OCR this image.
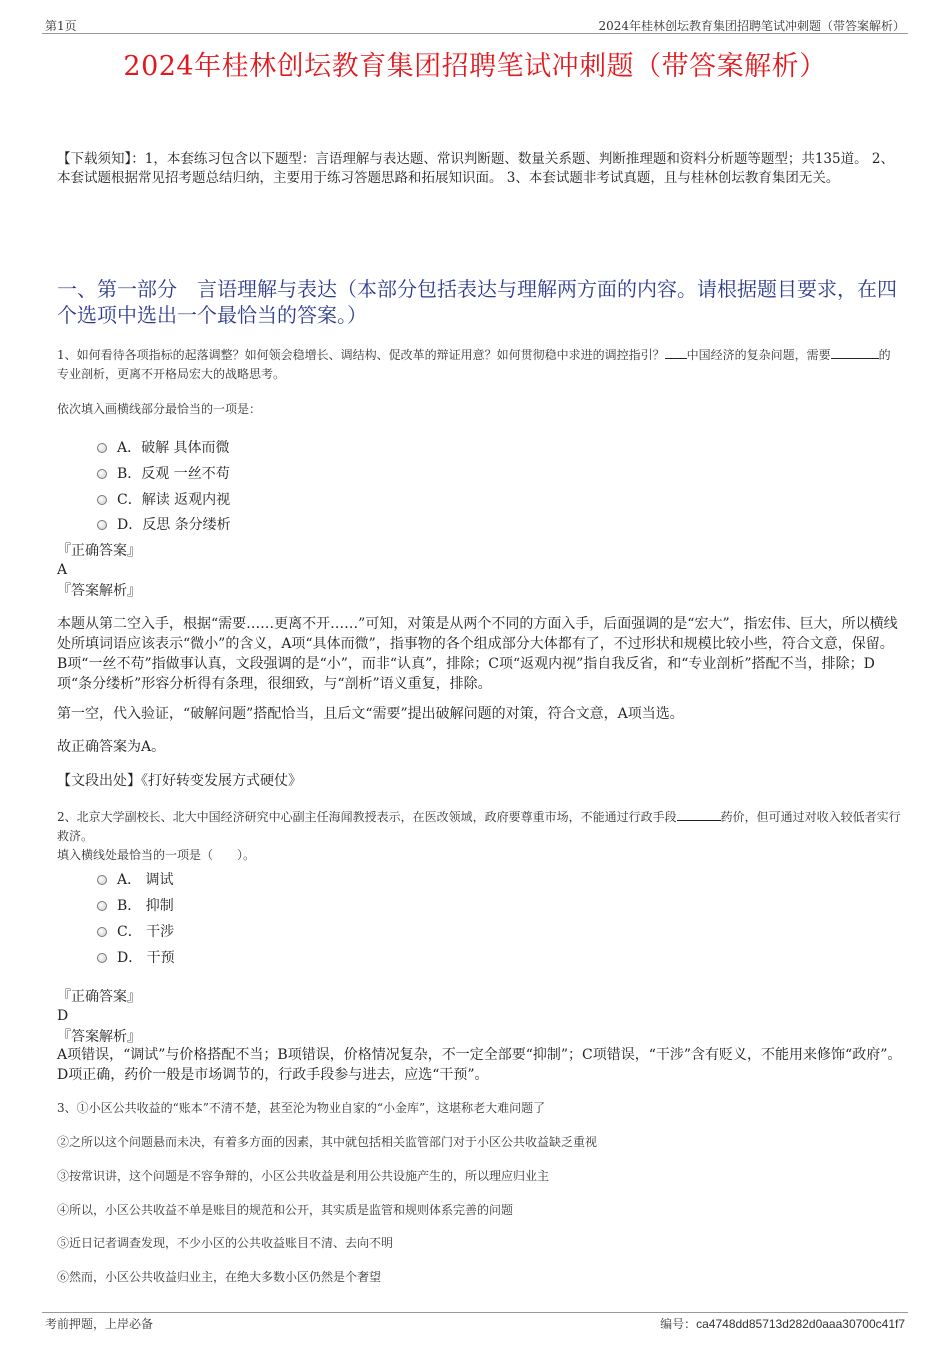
第1页	2024年桂林创坛教育集团招聘笔试冲刺题（带答案解析）
2024年桂林创坛教育集团招聘笔试冲刺题（带答案解析）
【下载须知】：1，本套练习包含以下题型：言语理解与表达题、常识判断题、数量关系题、判断推理题和资料分析题等题型；共135道。 2、本套试题根据常见招考题总结归纳，主要用于练习答题思路和拓展知识面。 3、本套试题非考试真题，且与桂林创坛教育集团无关。
一、第一部分　言语理解与表达（本部分包括表达与理解两方面的内容。请根据题目要求，在四个选项中选出一个最恰当的答案。）
1、如何看待各项指标的起落调整？如何领会稳增长、调结构、促改革的辩证用意？如何贯彻稳中求进的调控指引？ 中国经济的复杂问题，需要	的专业剖析，更离不开格局宏大的战略思考。
依次填入画横线部分最恰当的一项是：
A．破解 具体而微
B．反观 一丝不苟
C．解读 返观内视
D．反思 条分缕析
『正确答案』
A
『答案解析』
本题从第二空入手，根据“需要……更离不开……”可知，对策是从两个不同的方面入手，后面强调的是“宏大”，指宏伟、巨大，所以横线处所填词语应该表示“微小”的含义，A项“具体而微”，指事物的各个组成部分大体都有了，不过形状和规模比较小些，符合文意，保留。B项“一丝不苟”指做事认真，文段强调的是“小”，而非“认真”，排除；C项“返观内视”指自我反省，和“专业剖析”搭配不当，排除；D项“条分缕析”形容分析得有条理，很细致，与“剖析”语义重复，排除。
第一空，代入验证，“破解问题”搭配恰当，且后文“需要”提出破解问题的对策，符合文意，A项当选。
故正确答案为A。
【文段出处】《打好转变发展方式硬仗》
2、北京大学副校长、北大中国经济研究中心副主任海闻教授表示，在医改领域，政府要尊重市场，不能通过行政手段	药价，但可通过对收入较低者实行救济。
填入横线处最恰当的一项是（　　）。
A． 调试
B． 抑制
C． 干涉
D． 干预
『正确答案』
D
『答案解析』
A项错误，“调试”与价格搭配不当；B项错误，价格情况复杂，不一定全部要“抑制”；C项错误，“干涉”含有贬义，不能用来修饰“政府”。D项正确，药价一般是市场调节的，行政手段参与进去，应选“干预”。
3、①小区公共收益的“账本”不清不楚，甚至沦为物业自家的“小金库”，这堪称老大难问题了
②之所以这个问题悬而未决，有着多方面的因素，其中就包括相关监管部门对于小区公共收益缺乏重视
③按常识讲，这个问题是不容争辩的，小区公共收益是利用公共设施产生的，所以理应归业主
④所以，小区公共收益不单是账目的规范和公开，其实质是监管和规则体系完善的问题
⑤近日记者调查发现，不少小区的公共收益账目不清、去向不明
⑥然而，小区公共收益归业主，在绝大多数小区仍然是个奢望
考前押题，上岸必备	编号：ca4748dd85713d282d0aaa30700c41f7
